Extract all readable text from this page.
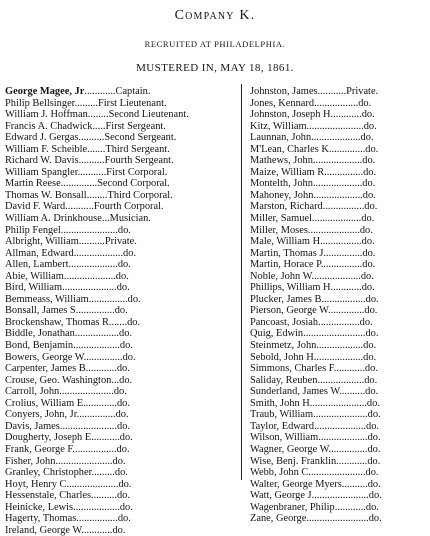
Company K.
RECRUITED AT PHILADELPHIA.
MUSTERED IN, MAY 18, 1861.
George Magee, Jr............Captain.
Philip Bellsinger.........First Lieutenant.
William J. Hoffman........Second Lieutenant.
Francis A. Chadwick.....First Sergeant.
Edward J. Gergas..........Second Sergeant.
William F. Scheible.......Third Sergeant.
Richard W. Davis..........Fourth Sergeant.
William Spangler...........First Corporal.
Martin Reese..............Second Corporal.
Thomas W. Bonsall........Third Corporal.
David F. Ward...........Fourth Corporal.
William A. Drinkhouse...Musician.
Philip Fengel......................do.
Albright, William..........Private.
Allman, Edward...................do.
Allen, Lambert...................do.
Abie, William....................do.
Bird, William.....................do.
Bemmeass, William...............do.
Bonsall, James S...............do.
Brockenshaw, Thomas R.......do.
Biddle, Jonathan.................do.
Bond, Benjamin..................do.
Bowers, George W...............do.
Carpenter, James B............do.
Crouse, Geo. Washington...do.
Carroll, John.....................do.
Crolius, William E.............do.
Conyers, John, Jr...............do.
Davis, James......................do.
Dougherty, Joseph E...........do.
Frank, George F.................do.
Fisher, John......................do.
Granley, Christopher.........do.
Hoyt, Henry C....................do.
Hessenstale, Charles..........do.
Heinicke, Lewis..................do.
Hagerty, Thomas................do.
Ireland, George W............do.
Johnston, James...........Private.
Jones, Kennard.................do.
Johnston, Joseph H............do.
Kitz, William......................do.
Launnan, John...................do.
M'Lean, Charles K..............do.
Mathews, John...................do.
Maize, William R...............do.
Montelth, John...................do.
Mahoney, John...................do.
Marston, Richard................do.
Miller, Samuel...................do.
Miller, Moses....................do.
Male, William H................do.
Martin, Thomas J...............do.
Martin, Horace P................do.
Noble, John W...................do.
Phillips, William H............do.
Plucker, James B.................do.
Pierson, George W..............do.
Pancoast, Josiah................do.
Quig, Edwin........................do.
Steinmetz, John..................do.
Sebold, John H...................do.
Simmons, Charles F............do.
Saliday, Reuben..................do.
Sunderland, James W..........do.
Smith, John H......................do.
Traub, William.....................do.
Taylor, Edward....................do.
Wilson, William...................do.
Wagner, George W...............do.
Wise, Benj. Franklin............do.
Webb, John C......................do.
Walter, George Myers..........do.
Watt, George J......................do.
Wagenbraner, Philip............do.
Zane, George........................do.
